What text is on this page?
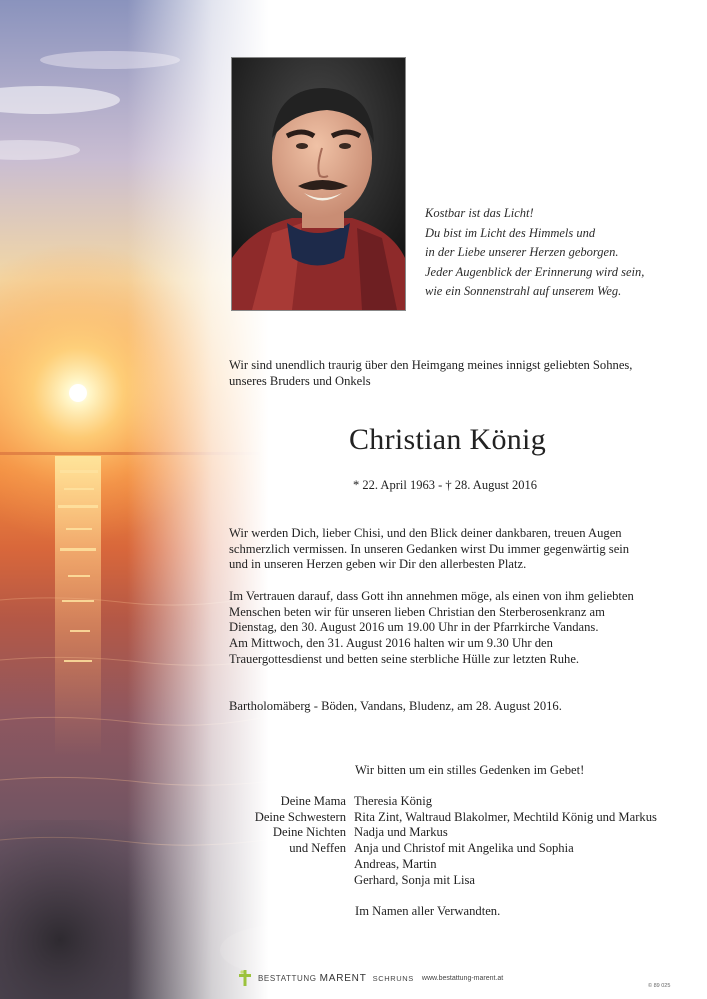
Kostbar ist das Licht!
Du bist im Licht des Himmels und
in der Liebe unserer Herzen geborgen.
Jeder Augenblick der Erinnerung wird sein,
wie ein Sonnenstrahl auf unserem Weg.
Wir sind unendlich traurig über den Heimgang meines innigst geliebten Sohnes,
unseres Bruders und Onkels
Christian König
* 22. April 1963 - † 28. August 2016
Wir werden Dich, lieber Chisi, und den Blick deiner dankbaren, treuen Augen
schmerzlich vermissen. In unseren Gedanken wirst Du immer gegenwärtig sein
und in unseren Herzen geben wir Dir den allerbesten Platz.
Im Vertrauen darauf, dass Gott ihn annehmen möge, als einen von ihm geliebten
Menschen beten wir für unseren lieben Christian den Sterberosenkranz am
Dienstag, den 30. August 2016 um 19.00 Uhr in der Pfarrkirche Vandans.
Am Mittwoch, den 31. August 2016 halten wir um 9.30 Uhr den
Trauergottesdienst und betten seine sterbliche Hülle zur letzten Ruhe.
Bartholomäberg - Böden, Vandans, Bludenz, am 28. August 2016.
Wir bitten um ein stilles Gedenken im Gebet!
Deine Mama Theresia König
Deine Schwestern Rita Zint, Waltraud Blakolmer, Mechtild König und Markus
Deine Nichten Nadja und Markus
und Neffen Anja und Christof mit Angelika und Sophia
Andreas, Martin
Gerhard, Sonja mit Lisa
Im Namen aller Verwandten.
BESTATTUNG MARENT SCHRUNS www.bestattung-marent.at
© 89 025
